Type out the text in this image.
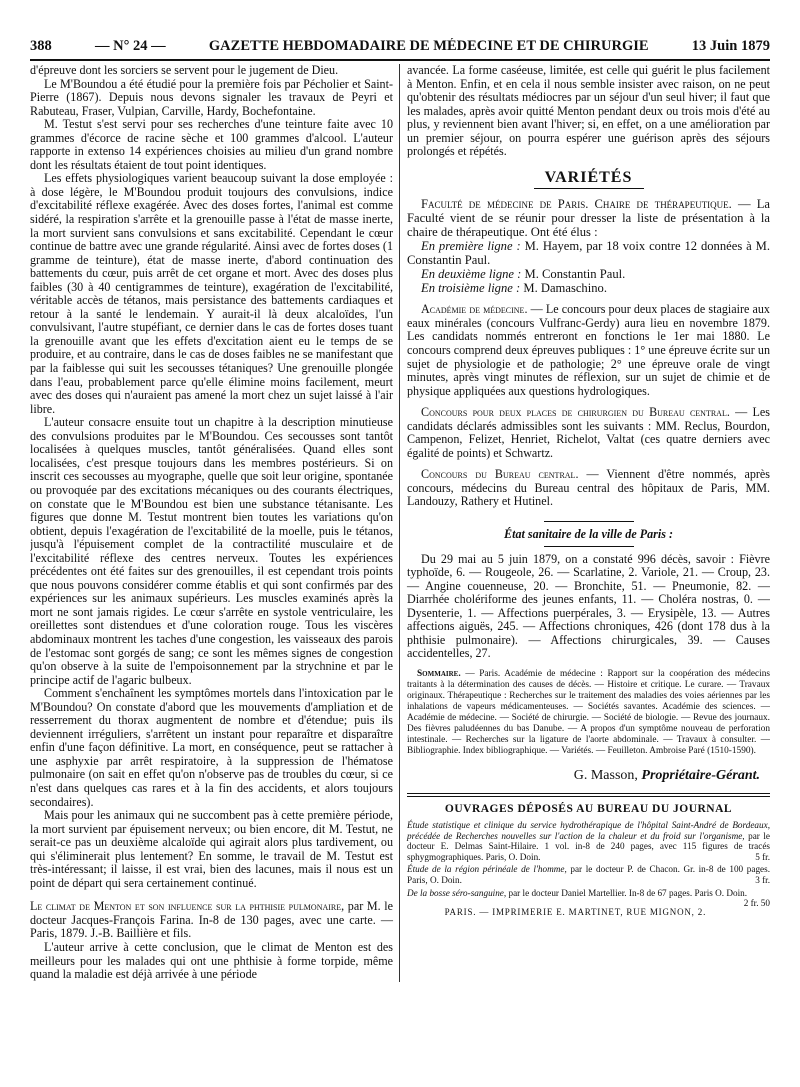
388	— N° 24 —	GAZETTE HEBDOMADAIRE DE MÉDECINE ET DE CHIRURGIE	13 Juin 1879

d'épreuve dont les sorciers se servent pour le jugement de Dieu.

Le M'Boundou a été étudié pour la première fois par Pécholier et Saint-Pierre (1867). Depuis nous devons signaler les travaux de Peyri et Rabuteau, Fraser, Vulpian, Carville, Hardy, Bochefontaine.

M. Testut s'est servi pour ses recherches d'une teinture faite avec 10 grammes d'écorce de racine sèche et 100 grammes d'alcool. L'auteur rapporte in extenso 14 expériences choisies au milieu d'un grand nombre dont les résultats étaient de tout point identiques.

Les effets physiologiques varient beaucoup suivant la dose employée : à dose légère, le M'Boundou produit toujours des convulsions, indice d'excitabilité réflexe exagérée. Avec des doses fortes, l'animal est comme sidéré, la respiration s'arrête et la grenouille passe à l'état de masse inerte, la mort survient sans convulsions et sans excitabilité. Cependant le cœur continue de battre avec une grande régularité. Ainsi avec de fortes doses (1 gramme de teinture), état de masse inerte, d'abord continuation des battements du cœur, puis arrêt de cet organe et mort. Avec des doses plus faibles (30 à 40 centigrammes de teinture), exagération de l'excitabilité, véritable accès de tétanos, mais persistance des battements cardiaques et retour à la santé le lendemain. Y aurait-il là deux alcaloïdes, l'un convulsivant, l'autre stupéfiant, ce dernier dans le cas de fortes doses tuant la grenouille avant que les effets d'excitation aient eu le temps de se produire, et au contraire, dans le cas de doses faibles ne se manifestant que par la faiblesse qui suit les secousses tétaniques? Une grenouille plongée dans l'eau, probablement parce qu'elle élimine moins facilement, meurt avec des doses qui n'auraient pas amené la mort chez un sujet laissé à l'air libre.

L'auteur consacre ensuite tout un chapitre à la description minutieuse des convulsions produites par le M'Boundou. Ces secousses sont tantôt localisées à quelques muscles, tantôt généralisées. Quand elles sont localisées, c'est presque toujours dans les membres postérieurs. Si on inscrit ces secousses au myographe, quelle que soit leur origine, spontanée ou provoquée par des excitations mécaniques ou des courants électriques, on constate que le M'Boundou est bien une substance tétanisante. Les figures que donne M. Testut montrent bien toutes les variations qu'on obtient, depuis l'exagération de l'excitabilité de la moelle, puis le tétanos, jusqu'à l'épuisement complet de la contractilité musculaire et de l'excitabilité réflexe des centres nerveux. Toutes les expériences précédentes ont été faites sur des grenouilles, il est cependant trois points que nous pouvons considérer comme établis et qui sont confirmés par des expériences sur les animaux supérieurs. Les muscles examinés après la mort ne sont jamais rigides. Le cœur s'arrête en systole ventriculaire, les oreillettes sont distendues et d'une coloration rouge. Tous les viscères abdominaux montrent les taches d'une congestion, les vaisseaux des parois de l'estomac sont gorgés de sang; ce sont les mêmes signes de congestion qu'on observe à la suite de l'empoisonnement par la strychnine et par le principe actif de l'agaric bulbeux.

Comment s'enchaînent les symptômes mortels dans l'intoxication par le M'Boundou? On constate d'abord que les mouvements d'ampliation et de resserrement du thorax augmentent de nombre et d'étendue; puis ils deviennent irréguliers, s'arrêtent un instant pour reparaître et disparaître enfin d'une façon définitive. La mort, en conséquence, peut se rattacher à une asphyxie par arrêt respiratoire, à la suppression de l'hématose pulmonaire (on sait en effet qu'on n'observe pas de troubles du cœur, si ce n'est dans quelques cas rares et à la fin des accidents, et alors toujours secondaires).

Mais pour les animaux qui ne succombent pas à cette première période, la mort survient par épuisement nerveux; ou bien encore, dit M. Testut, ne serait-ce pas un deuxième alcaloïde qui agirait alors plus tardivement, ou qui s'éliminerait plus lentement? En somme, le travail de M. Testut est très-intéressant; il laisse, il est vrai, bien des lacunes, mais il nous est un point de départ qui sera certainement continué.

Le climat de Menton et son influence sur la phthisie pulmonaire, par M. le docteur Jacques-François Farina. In-8 de 130 pages, avec une carte. — Paris, 1879. J.-B. Baillière et fils.

L'auteur arrive à cette conclusion, que le climat de Menton est des meilleurs pour les malades qui ont une phthisie à forme torpide, même quand la maladie est déjà arrivée à une période

avancée. La forme caséeuse, limitée, est celle qui guérit le plus facilement à Menton. Enfin, et en cela il nous semble insister avec raison, on ne peut qu'obtenir des résultats médiocres par un séjour d'un seul hiver; il faut que les malades, après avoir quitté Menton pendant deux ou trois mois d'été au plus, y reviennent bien avant l'hiver; si, en effet, on a une amélioration par un premier séjour, on pourra espérer une guérison après des séjours prolongés et répétés.

VARIÉTÉS

Faculté de médecine de Paris. Chaire de thérapeutique. — La Faculté vient de se réunir pour dresser la liste de présentation à la chaire de thérapeutique. Ont été élus :

En première ligne : M. Hayem, par 18 voix contre 12 données à M. Constantin Paul.

En deuxième ligne : M. Constantin Paul.

En troisième ligne : M. Damaschino.

Académie de médecine. — Le concours pour deux places de stagiaire aux eaux minérales (concours Vulfranc-Gerdy) aura lieu en novembre 1879. Les candidats nommés entreront en fonctions le 1er mai 1880. Le concours comprend deux épreuves publiques : 1° une épreuve écrite sur un sujet de physiologie et de pathologie; 2° une épreuve orale de vingt minutes, après vingt minutes de réflexion, sur un sujet de chimie et de physique appliquées aux questions hydrologiques.

Concours pour deux places de chirurgien du Bureau central. — Les candidats déclarés admissibles sont les suivants : MM. Reclus, Bourdon, Campenon, Felizet, Henriet, Richelot, Valtat (ces quatre derniers avec égalité de points) et Schwartz.

Concours du Bureau central. — Viennent d'être nommés, après concours, médecins du Bureau central des hôpitaux de Paris, MM. Landouzy, Rathery et Hutinel.

État sanitaire de la ville de Paris :

Du 29 mai au 5 juin 1879, on a constaté 996 décès, savoir : Fièvre typhoïde, 6. — Rougeole, 26. — Scarlatine, 2. Variole, 21. — Croup, 23. — Angine couenneuse, 20. — Bronchite, 51. — Pneumonie, 82. — Diarrhée cholériforme des jeunes enfants, 11. — Choléra nostras, 0. — Dysenterie, 1. — Affections puerpérales, 3. — Erysipèle, 13. — Autres affections aiguës, 245. — Affections chroniques, 426 (dont 178 dus à la phthisie pulmonaire). — Affections chirurgicales, 39. — Causes accidentelles, 27.

Sommaire. — Paris. Académie de médecine : Rapport sur la coopération des médecins traitants à la détermination des causes de décès. — Histoire et critique. Le curare. — Travaux originaux. Thérapeutique : Recherches sur le traitement des maladies des voies aériennes par les inhalations de vapeurs médicamenteuses. — Sociétés savantes. Académie des sciences. — Académie de médecine. — Société de chirurgie. — Société de biologie. — Revue des journaux. Des fièvres paludéennes du bas Danube. — A propos d'un symptôme nouveau de perforation intestinale. — Recherches sur la ligature de l'aorte abdominale. — Travaux à consulter. — Bibliographie. Index bibliographique. — Variétés. — Feuilleton. Ambroise Paré (1510-1590).

G. Masson, Propriétaire-Gérant.
OUVRAGES DÉPOSÉS AU BUREAU DU JOURNAL

Étude statistique et clinique du service hydrothérapique de l'hôpital Saint-André de Bordeaux, précédée de Recherches nouvelles sur l'action de la chaleur et du froid sur l'organisme, par le docteur E. Delmas Saint-Hilaire. 1 vol. in-8 de 240 pages, avec 115 figures de tracés sphygmographiques. Paris, O. Doin.	5 fr.

Étude de la région périnéale de l'homme, par le docteur P. de Chacon. Gr. in-8 de 100 pages. Paris, O. Doin.	3 fr.

De la bosse séro-sanguine, par le docteur Daniel Martellier. In-8 de 67 pages. Paris O. Doin.
2 fr. 50

PARIS. — IMPRIMERIE E. MARTINET, RUE MIGNON, 2.
